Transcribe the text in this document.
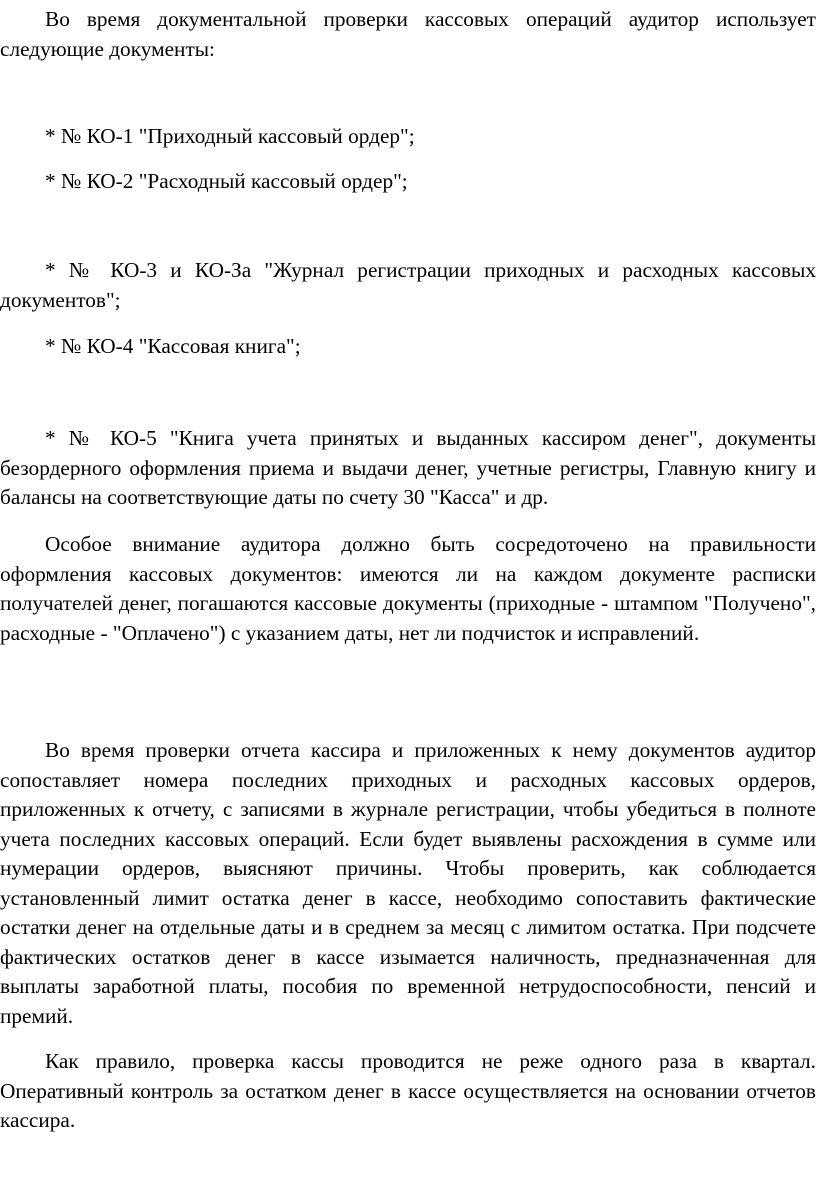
Во время документальной проверки кассовых операций аудитор использует следующие документы:

* № КО-1 "Приходный кассовый ордер";

* № КО-2 "Расходный кассовый ордер";

* № КО-3 и КО-За "Журнал регистрации приходных и расходных кассовых документов";

* № КО-4 "Кассовая книга";

* № КО-5 "Книга учета принятых и выданных кассиром денег", документы безордерного оформления приема и выдачи денег, учетные регистры, Главную книгу и балансы на соответствующие даты по счету 30 "Касса" и др.

Особое внимание аудитора должно быть сосредоточено на правильности оформления кассовых документов: имеются ли на каждом документе расписки получателей денег, погашаются кассовые документы (приходные - штампом "Получено", расходные - "Оплачено") с указанием даты, нет ли подчисток и исправлений.

Во время проверки отчета кассира и приложенных к нему документов аудитор сопоставляет номера последних приходных и расходных кассовых ордеров, приложенных к отчету, с записями в журнале регистрации, чтобы убедиться в полноте учета последних кассовых операций. Если будет выявлены расхождения в сумме или нумерации ордеров, выясняют причины. Чтобы проверить, как соблюдается установленный лимит остатка денег в кассе, необходимо сопоставить фактические остатки денег на отдельные даты и в среднем за месяц с лимитом остатка. При подсчете фактических остатков денег в кассе изымается наличность, предназначенная для выплаты заработной платы, пособия по временной нетрудоспособности, пенсий и премий.

Как правило, проверка кассы проводится не реже одного раза в квартал. Оперативный контроль за остатком денег в кассе осуществляется на основании отчетов кассира.
